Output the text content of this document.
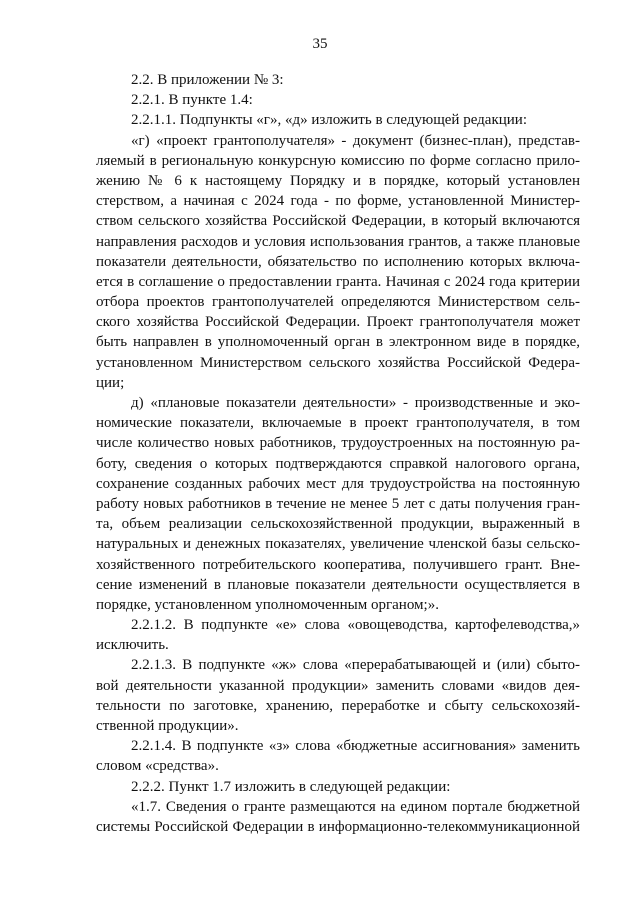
35
2.2. В приложении № 3:
2.2.1. В пункте 1.4:
2.2.1.1. Подпункты «г», «д» изложить в следующей редакции:
«г) «проект грантополучателя» - документ (бизнес-план), представ-
ляемый в региональную конкурсную комиссию по форме согласно прило-
жению № 6 к настоящему Порядку и в порядке, который установлен
стерством, а начиная с 2024 года - по форме, установленной Министер-
ством сельского хозяйства Российской Федерации, в который включаются
направления расходов и условия использования грантов, а также плановые
показатели деятельности, обязательство по исполнению которых включа-
ется в соглашение о предоставлении гранта. Начиная с 2024 года критерии
отбора проектов грантополучателей определяются Министерством сель-
ского хозяйства Российской Федерации. Проект грантополучателя может
быть направлен в уполномоченный орган в электронном виде в порядке,
установленном Министерством сельского хозяйства Российской Федера-
ции;
д) «плановые показатели деятельности» - производственные и эко-
номические показатели, включаемые в проект грантополучателя, в том
числе количество новых работников, трудоустроенных на постоянную ра-
боту, сведения о которых подтверждаются справкой налогового органа,
сохранение созданных рабочих мест для трудоустройства на постоянную
работу новых работников в течение не менее 5 лет с даты получения гран-
та, объем реализации сельскохозяйственной продукции, выраженный в
натуральных и денежных показателях, увеличение членской базы сельско-
хозяйственного потребительского кооператива, получившего грант. Вне-
сение изменений в плановые показатели деятельности осуществляется в
порядке, установленном уполномоченным органом;».
2.2.1.2. В подпункте «е» слова «овощеводства, картофелеводства,»
исключить.
2.2.1.3. В подпункте «ж» слова «перерабатывающей и (или) сбыто-
вой деятельности указанной продукции» заменить словами «видов дея-
тельности по заготовке, хранению, переработке и сбыту сельскохозяй-
ственной продукции».
2.2.1.4. В подпункте «з» слова «бюджетные ассигнования» заменить
словом «средства».
2.2.2. Пункт 1.7 изложить в следующей редакции:
«1.7. Сведения о гранте размещаются на едином портале бюджетной
системы Российской Федерации в информационно-телекоммуникационной
